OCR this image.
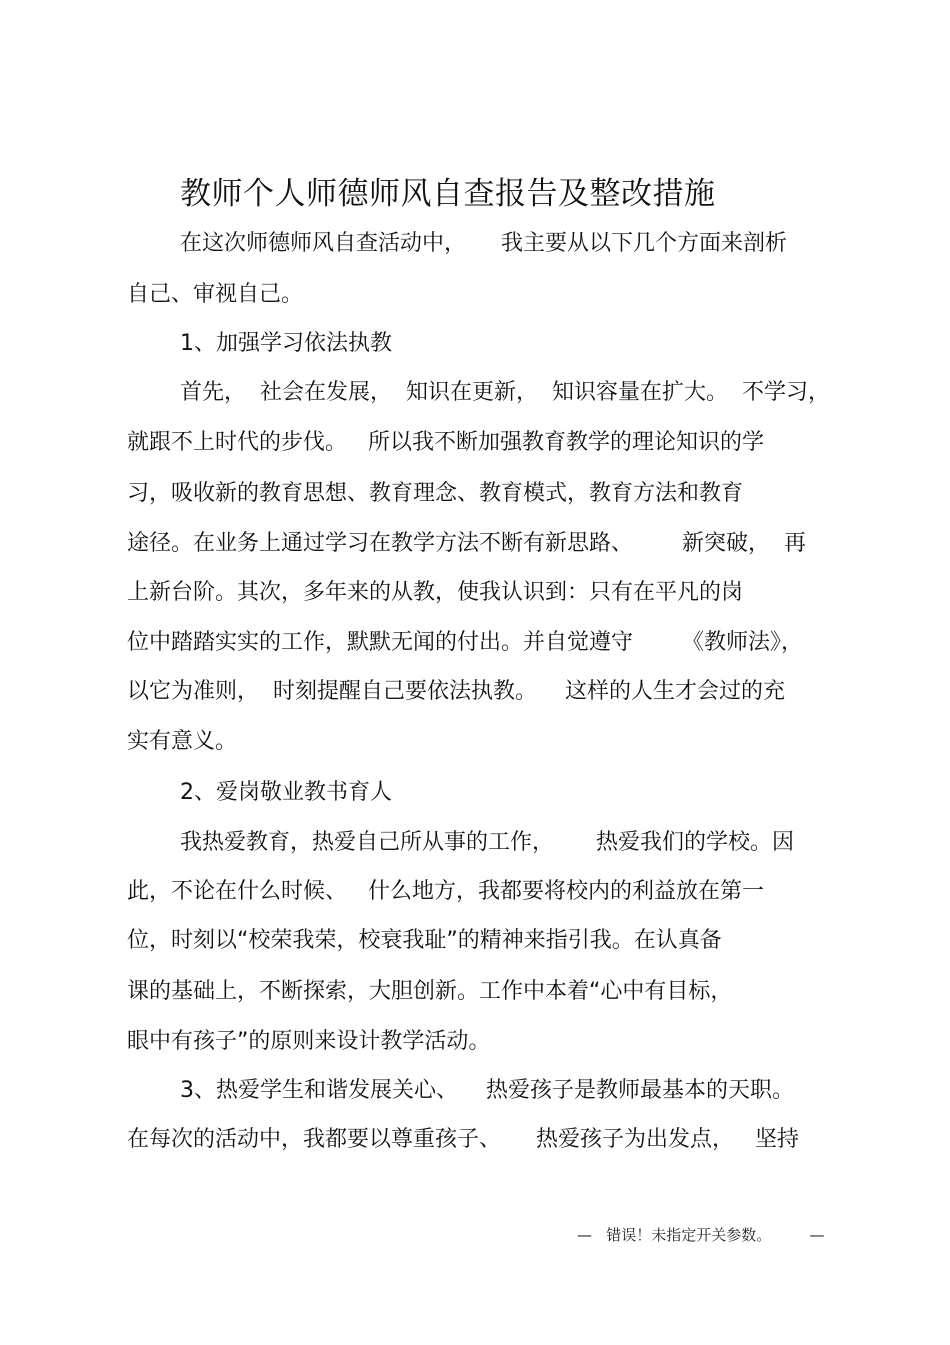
教师个人师德师风自查报告及整改措施
在这次师德师风自查活动中，     我主要从以下几个方面来剖析
自己、审视自己。
1、加强学习依法执教
首先，  社会在发展，  知识在更新，  知识容量在扩大。  不学习，
就跟不上时代的步伐。   所以我不断加强教育教学的理论知识的学
习，吸收新的教育思想、教育理念、教育模式，教育方法和教育
途径。在业务上通过学习在教学方法不断有新思路、       新突破，  再
上新台阶。其次，多年来的从教，使我认识到：只有在平凡的岗
位中踏踏实实的工作，默默无闻的付出。并自觉遵守       《教师法》，
以它为准则，  时刻提醒自己要依法执教。    这样的人生才会过的充
实有意义。
2、爱岗敬业教书育人
我热爱教育，热爱自己所从事的工作，      热爱我们的学校。因
此，不论在什么时候、   什么地方，我都要将校内的利益放在第一
位，时刻以“校荣我荣，校衰我耻”的精神来指引我。在认真备
课的基础上，不断探索，大胆创新。工作中本着“心中有目标，
眼中有孩子”的原则来设计教学活动。
3、热爱学生和谐发展关心、    热爱孩子是教师最基本的天职。
在每次的活动中，我都要以尊重孩子、     热爱孩子为出发点，   坚持
—   错误！未指定开关参数。        —
